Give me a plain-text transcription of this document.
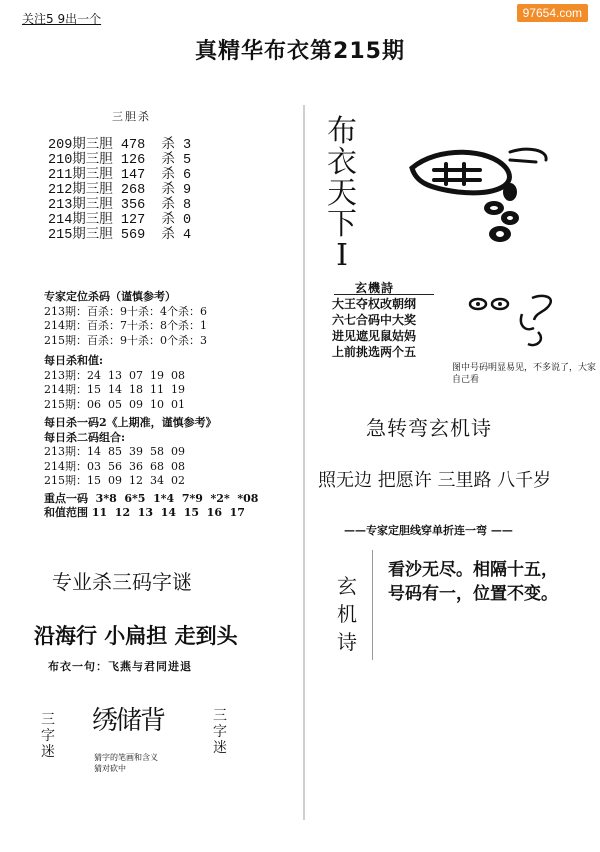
关注5 9出一个	97654.com
真精华布衣第215期
三胆杀
209期三胆 478  杀 3
210期三胆 126  杀 5
211期三胆 147  杀 6
212期三胆 268  杀 9
213期三胆 356  杀 8
214期三胆 127  杀 0
215期三胆 569  杀 4
专家定位杀码（谨慎参考）
213期：百杀：9十杀：4个杀：6
214期：百杀：7十杀：8个杀：1
215期：百杀：9十杀：0个杀：3
每日杀和值:
213期：24  13  07  19  08
214期：15  14  18  11  19
215期：06  05  09  10  01
每日杀一码2《上期准，谨慎参考》
每日杀二码组合:
213期：14  85  39  58  09
214期：03  56  36  68  08
215期：15  09  12  34  02
重点一码  3*8  6*5  1*4  7*9  *2*  *08
和值范围 11  12  13  14  15  16  17
专业杀三码字谜
沿海行 小扁担 走到头
布衣一句：飞燕与君同进退
三字迷
三字迷
绣储背
猜字的笔画和含义猜对砍中
布衣天下Ⅰ
玄機詩
大王夺权改朝纲
六七合码中大奖
进见遮见鼠姑妈
上前挑选两个五
图中号码明显易见，不多说了，大家自己看
急转弯玄机诗
照无边 把愿许 三里路 八千岁
——专家定胆线穿单折连一弯 ——
玄机诗
看沙无尽。相隔十五，
号码有一，位置不变。
